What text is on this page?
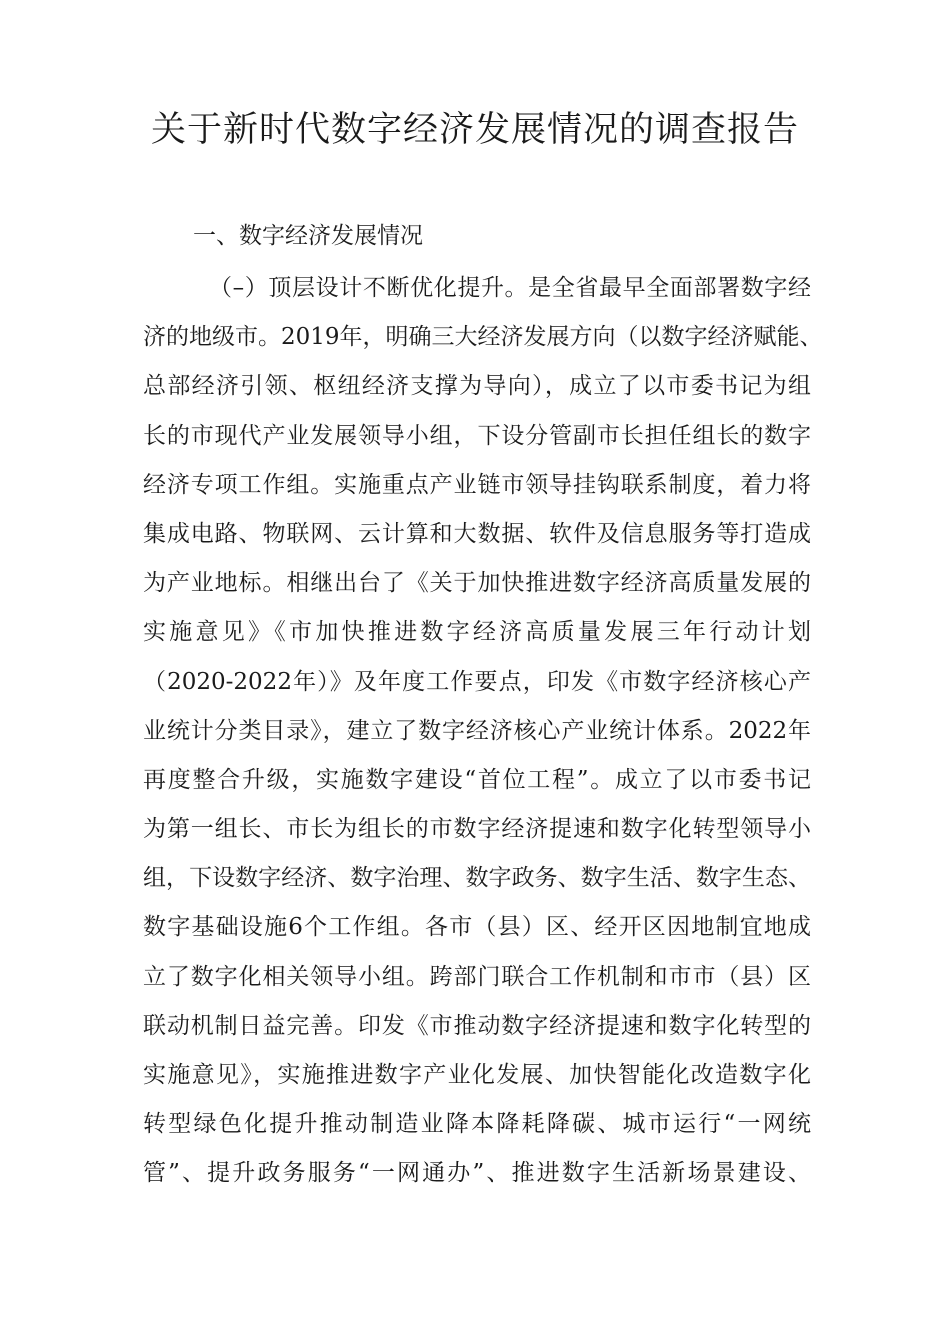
关于新时代数字经济发展情况的调查报告

一、数字经济发展情况

（–）顶层设计不断优化提升。是全省最早全面部署数字经
济的地级市。2019年，明确三大经济发展方向（以数字经济赋能、
总部经济引领、枢纽经济支撑为导向），成立了以市委书记为组
长的市现代产业发展领导小组，下设分管副市长担任组长的数字
经济专项工作组。实施重点产业链市领导挂钩联系制度，着力将
集成电路、物联网、云计算和大数据、软件及信息服务等打造成
为产业地标。相继出台了《关于加快推进数字经济高质量发展的
实施意见》《市加快推进数字经济高质量发展三年行动计划
（2020-2022年）》及年度工作要点，印发《市数字经济核心产
业统计分类目录》，建立了数字经济核心产业统计体系。2022年
再度整合升级，实施数字建设“首位工程”。成立了以市委书记
为第一组长、市长为组长的市数字经济提速和数字化转型领导小
组，下设数字经济、数字治理、数字政务、数字生活、数字生态、
数字基础设施6个工作组。各市（县）区、经开区因地制宜地成
立了数字化相关领导小组。跨部门联合工作机制和市市（县）区
联动机制日益完善。印发《市推动数字经济提速和数字化转型的
实施意见》，实施推进数字产业化发展、加快智能化改造数字化
转型绿色化提升推动制造业降本降耗降碳、城市运行“一网统
管”、提升政务服务“一网通办”、推进数字生活新场景建设、
